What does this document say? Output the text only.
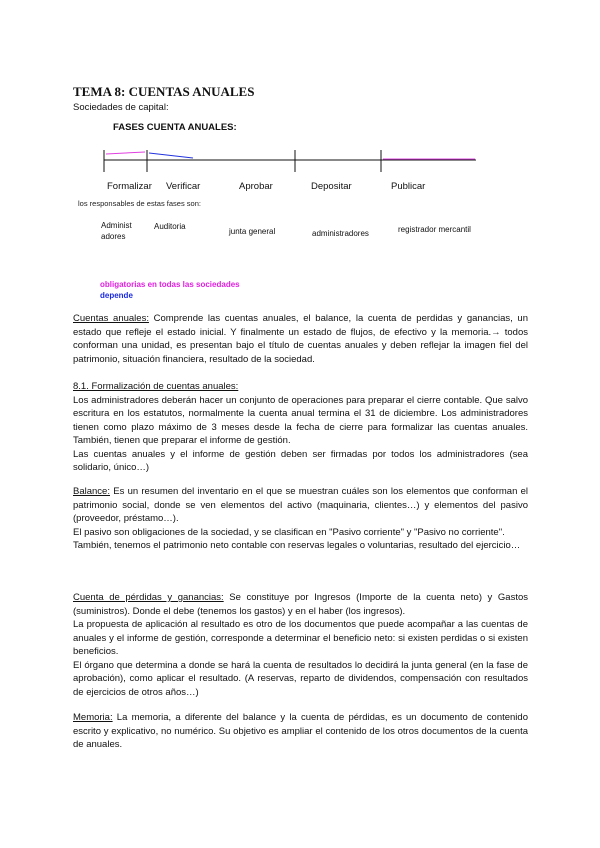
TEMA 8: CUENTAS ANUALES
Sociedades de capital:
FASES CUENTA ANUALES:
Formalizar Verificar	Aprobar	Depositar	Publicar
los responsables de estas fases son:
Administ
adores
Auditoria
junta general	administradores	registrador mercantil
obligatorias en todas las sociedades
depende

Cuentas anuales: Comprende las cuentas anuales, el balance, la cuenta de perdidas y ganancias, un estado que refleje el estado inicial. Y finalmente un estado de flujos, de efectivo y la memoria.→ todos conforman una unidad, es presentan bajo el título de cuentas anuales y deben reflejar la imagen fiel del patrimonio, situación financiera, resultado de la sociedad.

8.1. Formalización de cuentas anuales:

Los administradores deberán hacer un conjunto de operaciones para preparar el cierre contable. Que salvo escritura en los estatutos, normalmente la cuenta anual termina el 31 de diciembre. Los administradores tienen como plazo máximo de 3 meses desde la fecha de cierre para formalizar las cuentas anuales. También, tienen que preparar el informe de gestión.

Las cuentas anuales y el informe de gestión deben ser firmadas por todos los administradores (sea solidario, único…)

Balance: Es un resumen del inventario en el que se muestran cuáles son los elementos que conforman el patrimonio social, donde se ven elementos del activo (maquinaria, clientes…) y elementos del pasivo (proveedor, préstamo…).

El pasivo son obligaciones de la sociedad, y se clasifican en "Pasivo corriente" y "Pasivo no corriente".

También, tenemos el patrimonio neto contable con reservas legales o voluntarias, resultado del ejercicio…

Cuenta de pérdidas y ganancias: Se constituye por Ingresos (Importe de la cuenta neto) y Gastos (suministros). Donde el debe (tenemos los gastos) y en el haber (los ingresos).

La propuesta de aplicación al resultado es otro de los documentos que puede acompañar a las cuentas de anuales y el informe de gestión, corresponde a determinar el beneficio neto: si existen perdidas o si existen beneficios.

El órgano que determina a donde se hará la cuenta de resultados lo decidirá la junta general (en la fase de aprobación), como aplicar el resultado. (A reservas, reparto de dividendos, compensación con resultados de ejercicios de otros años…)

Memoria: La memoria, a diferente del balance y la cuenta de pérdidas, es un documento de contenido escrito y explicativo, no numérico. Su objetivo es ampliar el contenido de los otros documentos de la cuenta de anuales.
